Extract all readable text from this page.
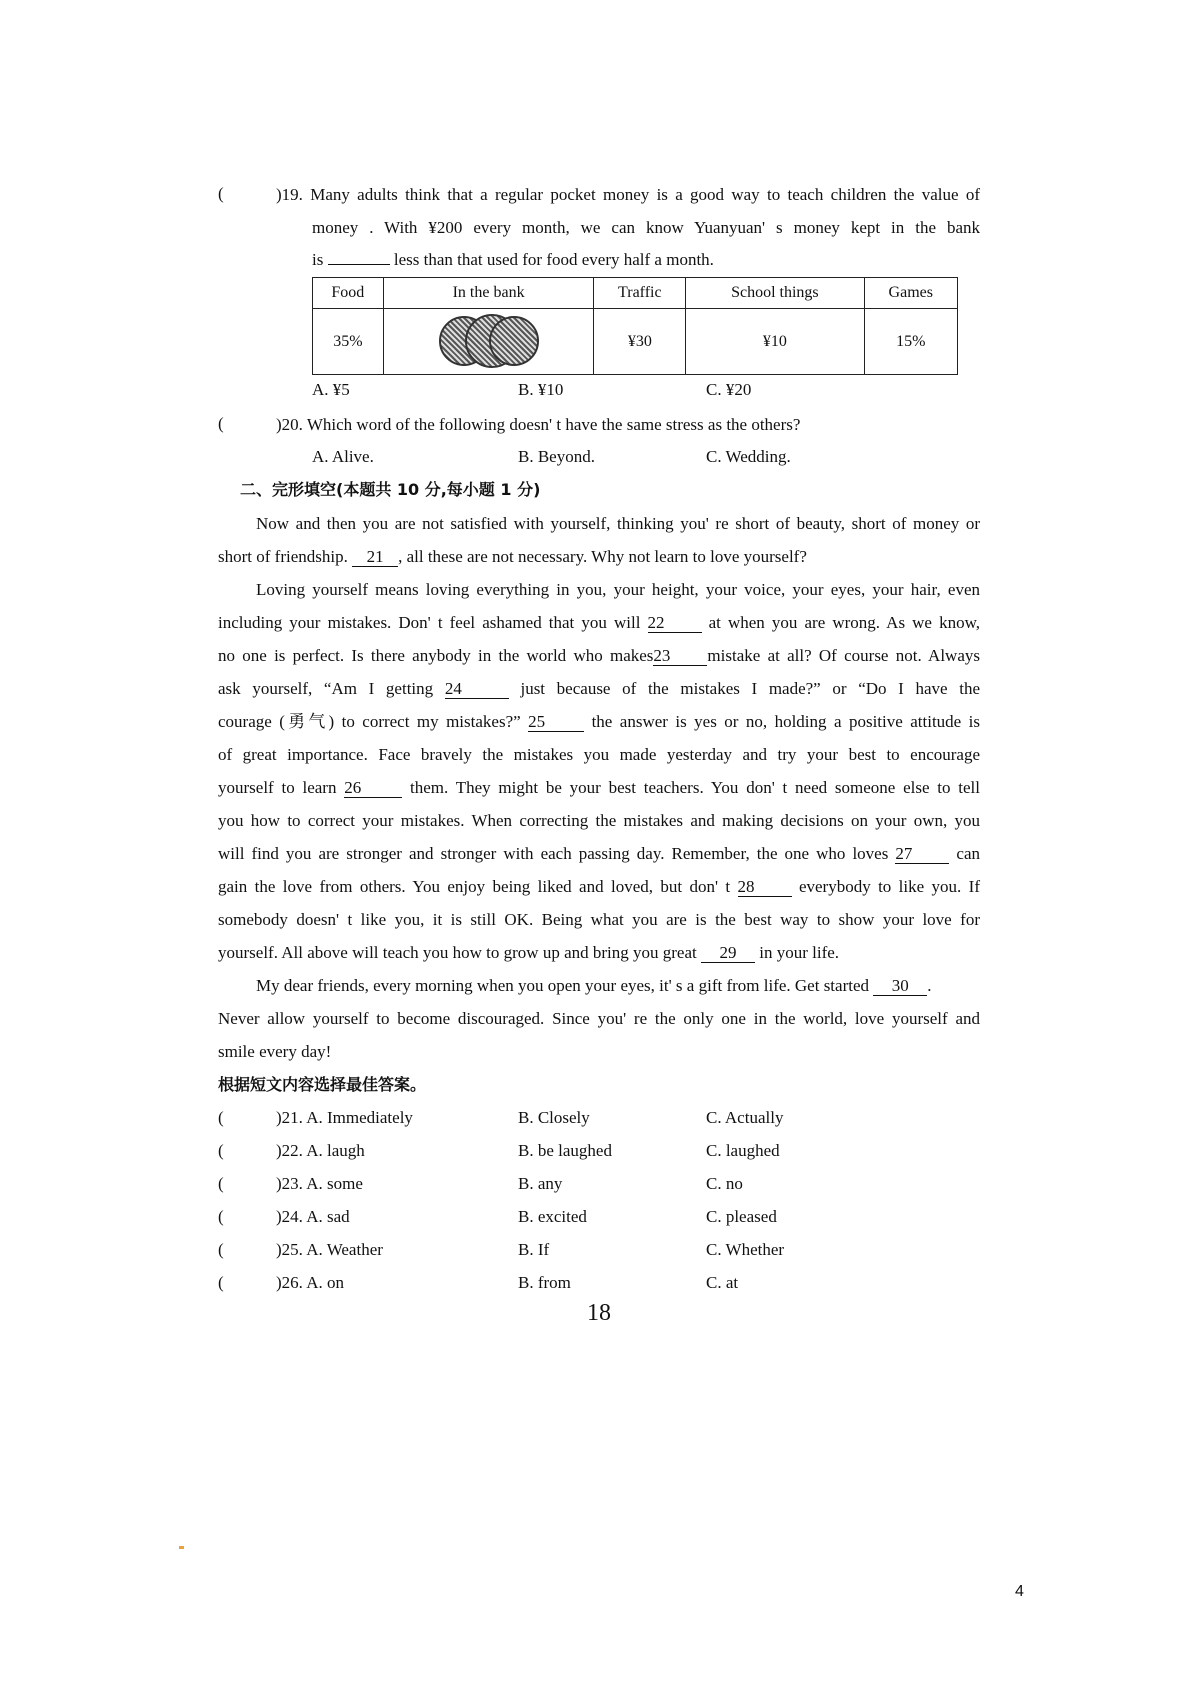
(	)19. Many adults think that a regular pocket money is a good way to teach children the value of
money . With ¥200 every month, we can know Yuanyuan' s money kept in the bank
is	less than that used for food every half a month.
Food	In the bank	Traffic	School things	Games
35%		¥30	¥10	15%
A. ¥5	B. ¥10	C. ¥20
(	)20. Which word of the following doesn' t have the same stress as the others?
A. Alive.	B. Beyond.	C. Wedding.
二、完形填空(本题共 10 分,每小题 1 分)
Now and then you are not satisfied with yourself, thinking you' re short of beauty, short of money or
short of friendship. 21 , all these are not necessary. Why not learn to love yourself?
Loving yourself means loving everything in you, your height, your voice, your eyes, your hair, even
including your mistakes. Don' t feel ashamed that you will 22	at when you are wrong. As we know,
no one is perfect. Is there anybody in the world who makes23 mistake at all? Of course not. Always
ask yourself, “Am I getting 24	just because of the mistakes I made?” or “Do I have the
courage (勇气) to correct my mistakes?” 25	the answer is yes or no, holding a positive attitude is
of great importance. Face bravely the mistakes you made yesterday and try your best to encourage
yourself to learn 26	them. They might be your best teachers. You don' t need someone else to tell
you how to correct your mistakes. When correcting the mistakes and making decisions on your own, you
will find you are stronger and stronger with each passing day. Remember, the one who loves 27	can
gain the love from others. You enjoy being liked and loved, but don' t 28	everybody to like you. If
somebody doesn' t like you, it is still OK. Being what you are is the best way to show your love for
yourself. All above will teach you how to grow up and bring you great 29 in your life.
My dear friends, every morning when you open your eyes, it' s a gift from life. Get started 30 .
Never allow yourself to become discouraged. Since you' re the only one in the world, love yourself and
smile every day!
根据短文内容选择最佳答案。
(	)21. A. Immediately	B. Closely	C. Actually
(	)22. A. laugh	B. be laughed	C. laughed
(	)23. A. some	B. any	C. no
(	)24. A. sad	B. excited	C. pleased
(	)25. A. Weather	B. If	C. Whether
(	)26. A. on	B. from	C. at
18
4
